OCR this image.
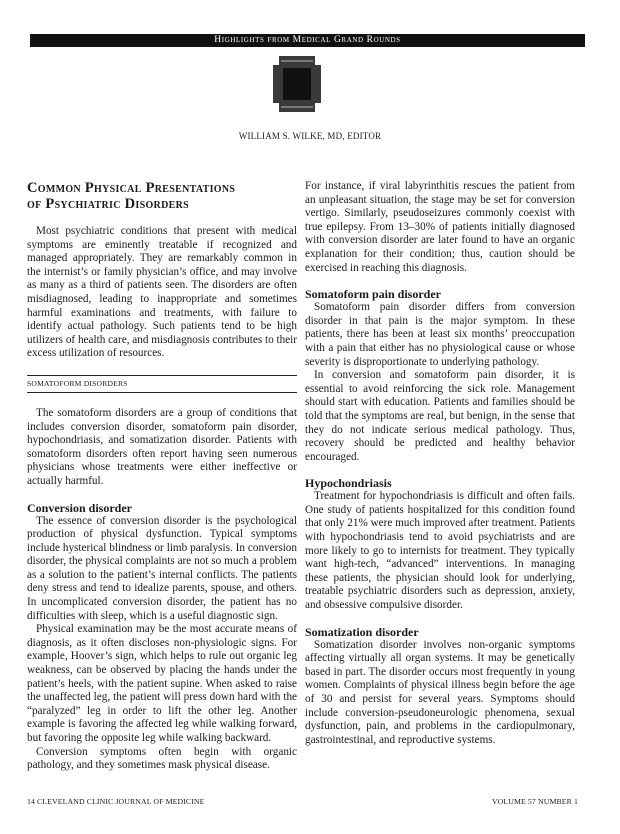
Highlights from Medical Grand Rounds
WILLIAM S. WILKE, MD, EDITOR
Common Physical Presentations
of Psychiatric Disorders

Most psychiatric conditions that present with medical symptoms are eminently treatable if recognized and managed appropriately. They are remarkably common in the internist’s or family physician’s office, and may involve as many as a third of patients seen. The disorders are often misdiagnosed, leading to inappropriate and sometimes harmful examinations and treatments, with failure to identify actual pathology. Such patients tend to be high utilizers of health care, and misdiagnosis contributes to their excess utilization of resources.

SOMATOFORM DISORDERS

The somatoform disorders are a group of conditions that includes conversion disorder, somatoform pain disorder, hypochondriasis, and somatization disorder. Patients with somatoform disorders often report having seen numerous physicians whose treatments were either ineffective or actually harmful.

Conversion disorder

The essence of conversion disorder is the psychological production of physical dysfunction. Typical symptoms include hysterical blindness or limb paralysis. In conversion disorder, the physical complaints are not so much a problem as a solution to the patient’s internal conflicts. The patients deny stress and tend to idealize parents, spouse, and others. In uncomplicated conversion disorder, the patient has no difficulties with sleep, which is a useful diagnostic sign.

Physical examination may be the most accurate means of diagnosis, as it often discloses non-physiologic signs. For example, Hoover’s sign, which helps to rule out organic leg weakness, can be observed by placing the hands under the patient’s heels, with the patient supine. When asked to raise the unaffected leg, the patient will press down hard with the “paralyzed” leg in order to lift the other leg. Another example is favoring the affected leg while walking forward, but favoring the opposite leg while walking backward.

Conversion symptoms often begin with organic pathology, and they sometimes mask physical disease.

For instance, if viral labyrinthitis rescues the patient from an unpleasant situation, the stage may be set for conversion vertigo. Similarly, pseudoseizures commonly coexist with true epilepsy. From 13–30% of patients initially diagnosed with conversion disorder are later found to have an organic explanation for their condition; thus, caution should be exercised in reaching this diagnosis.

Somatoform pain disorder

Somatoform pain disorder differs from conversion disorder in that pain is the major symptom. In these patients, there has been at least six months’ preoccupation with a pain that either has no physiological cause or whose severity is disproportionate to underlying pathology.

In conversion and somatoform pain disorder, it is essential to avoid reinforcing the sick role. Management should start with education. Patients and families should be told that the symptoms are real, but benign, in the sense that they do not indicate serious medical pathology. Thus, recovery should be predicted and healthy behavior encouraged.

Hypochondriasis

Treatment for hypochondriasis is difficult and often fails. One study of patients hospitalized for this condition found that only 21% were much improved after treatment. Patients with hypochondriasis tend to avoid psychiatrists and are more likely to go to internists for treatment. They typically want high-tech, “advanced” interventions. In managing these patients, the physician should look for underlying, treatable psychiatric disorders such as depression, anxiety, and obsessive compulsive disorder.

Somatization disorder

Somatization disorder involves non-organic symptoms affecting virtually all organ systems. It may be genetically based in part. The disorder occurs most frequently in young women. Complaints of physical illness begin before the age of 30 and persist for several years. Symptoms should include conversion-pseudoneurologic phenomena, sexual dysfunction, pain, and problems in the cardiopulmonary, gastrointestinal, and reproductive systems.

14 CLEVELAND CLINIC JOURNAL OF MEDICINE	VOLUME 57 NUMBER 1
